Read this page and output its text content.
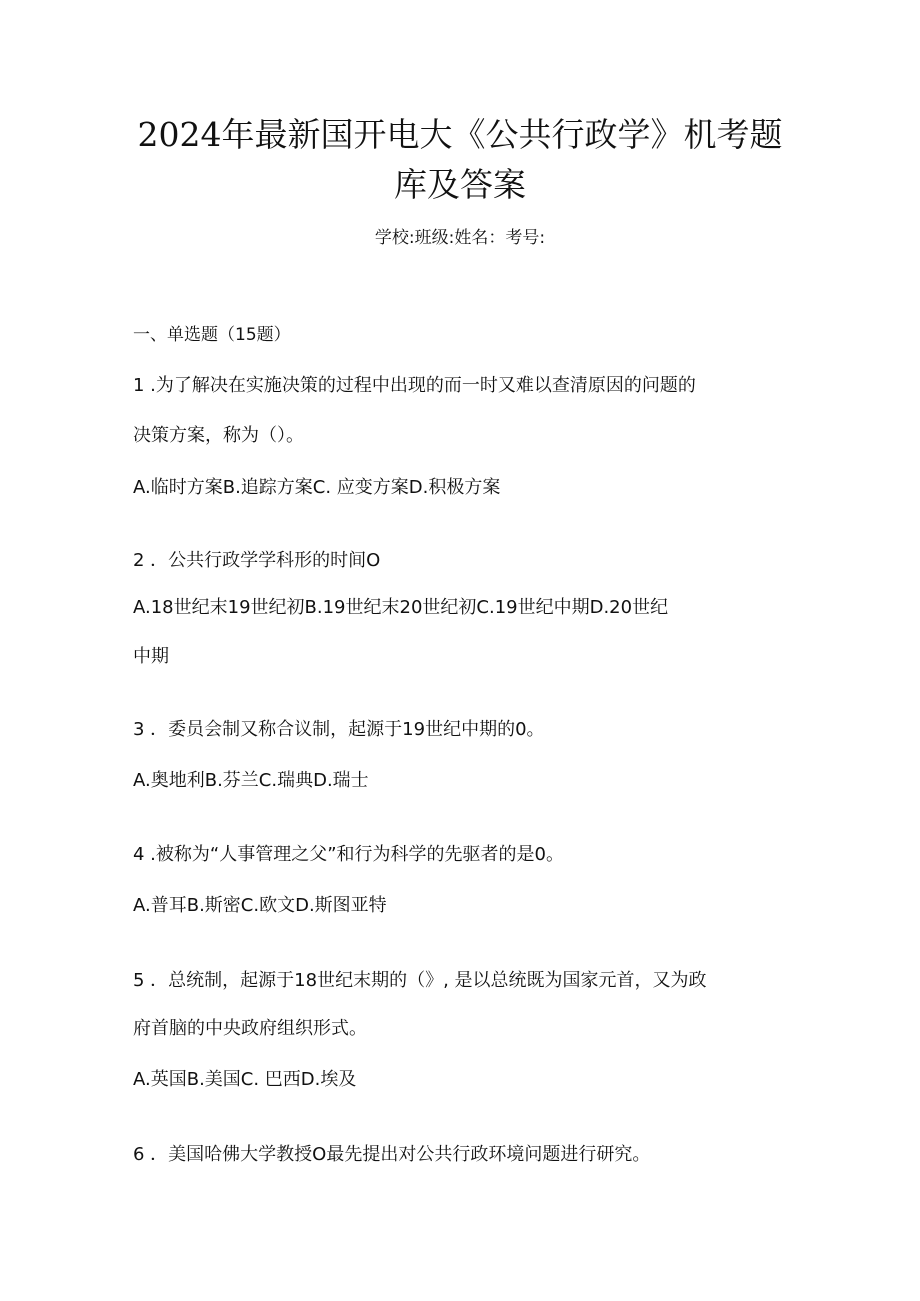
2024年最新国开电大《公共行政学》机考题
库及答案
学校:班级:姓名：考号:
一、单选题（15题）
1 .为了解决在实施决策的过程中出现的而一时又难以查清原因的问题的
决策方案，称为（）。
A.临时方案B.追踪方案C. 应变方案D.积极方案
2 ．公共行政学学科形的时间O
A.18世纪末19世纪初B.19世纪末20世纪初C.19世纪中期D.20世纪
中期
3 ．委员会制又称合议制，起源于19世纪中期的0。
A.奥地利B.芬兰C.瑞典D.瑞士
4 .被称为“人事管理之父”和行为科学的先驱者的是0。
A.普耳B.斯密C.欧文D.斯图亚特
5 ．总统制，起源于18世纪末期的（》, 是以总统既为国家元首，又为政
府首脑的中央政府组织形式。
A.英国B.美国C. 巴西D.埃及
6 ．美国哈佛大学教授O最先提出对公共行政环境问题进行研究。
